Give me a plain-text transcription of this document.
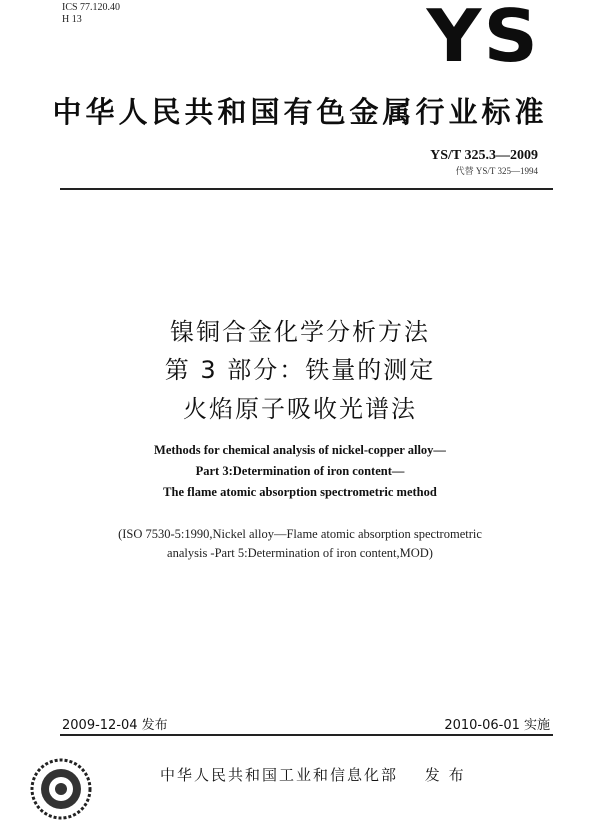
ICS 77.120.40
H 13	YS
中华人民共和国有色金属行业标准
YS/T 325.3—2009
代替 YS/T 325—1994
镍铜合金化学分析方法
第 3 部分：铁量的测定
火焰原子吸收光谱法
Methods for chemical analysis of nickel-copper alloy—
Part 3:Determination of iron content—
The flame atomic absorption spectrometric method
(ISO 7530-5:1990,Nickel alloy—Flame atomic absorption spectrometric
analysis -Part 5:Determination of iron content,MOD)
2009-12-04 发布	2010-06-01 实施
中华人民共和国工业和信息化部 发 布
